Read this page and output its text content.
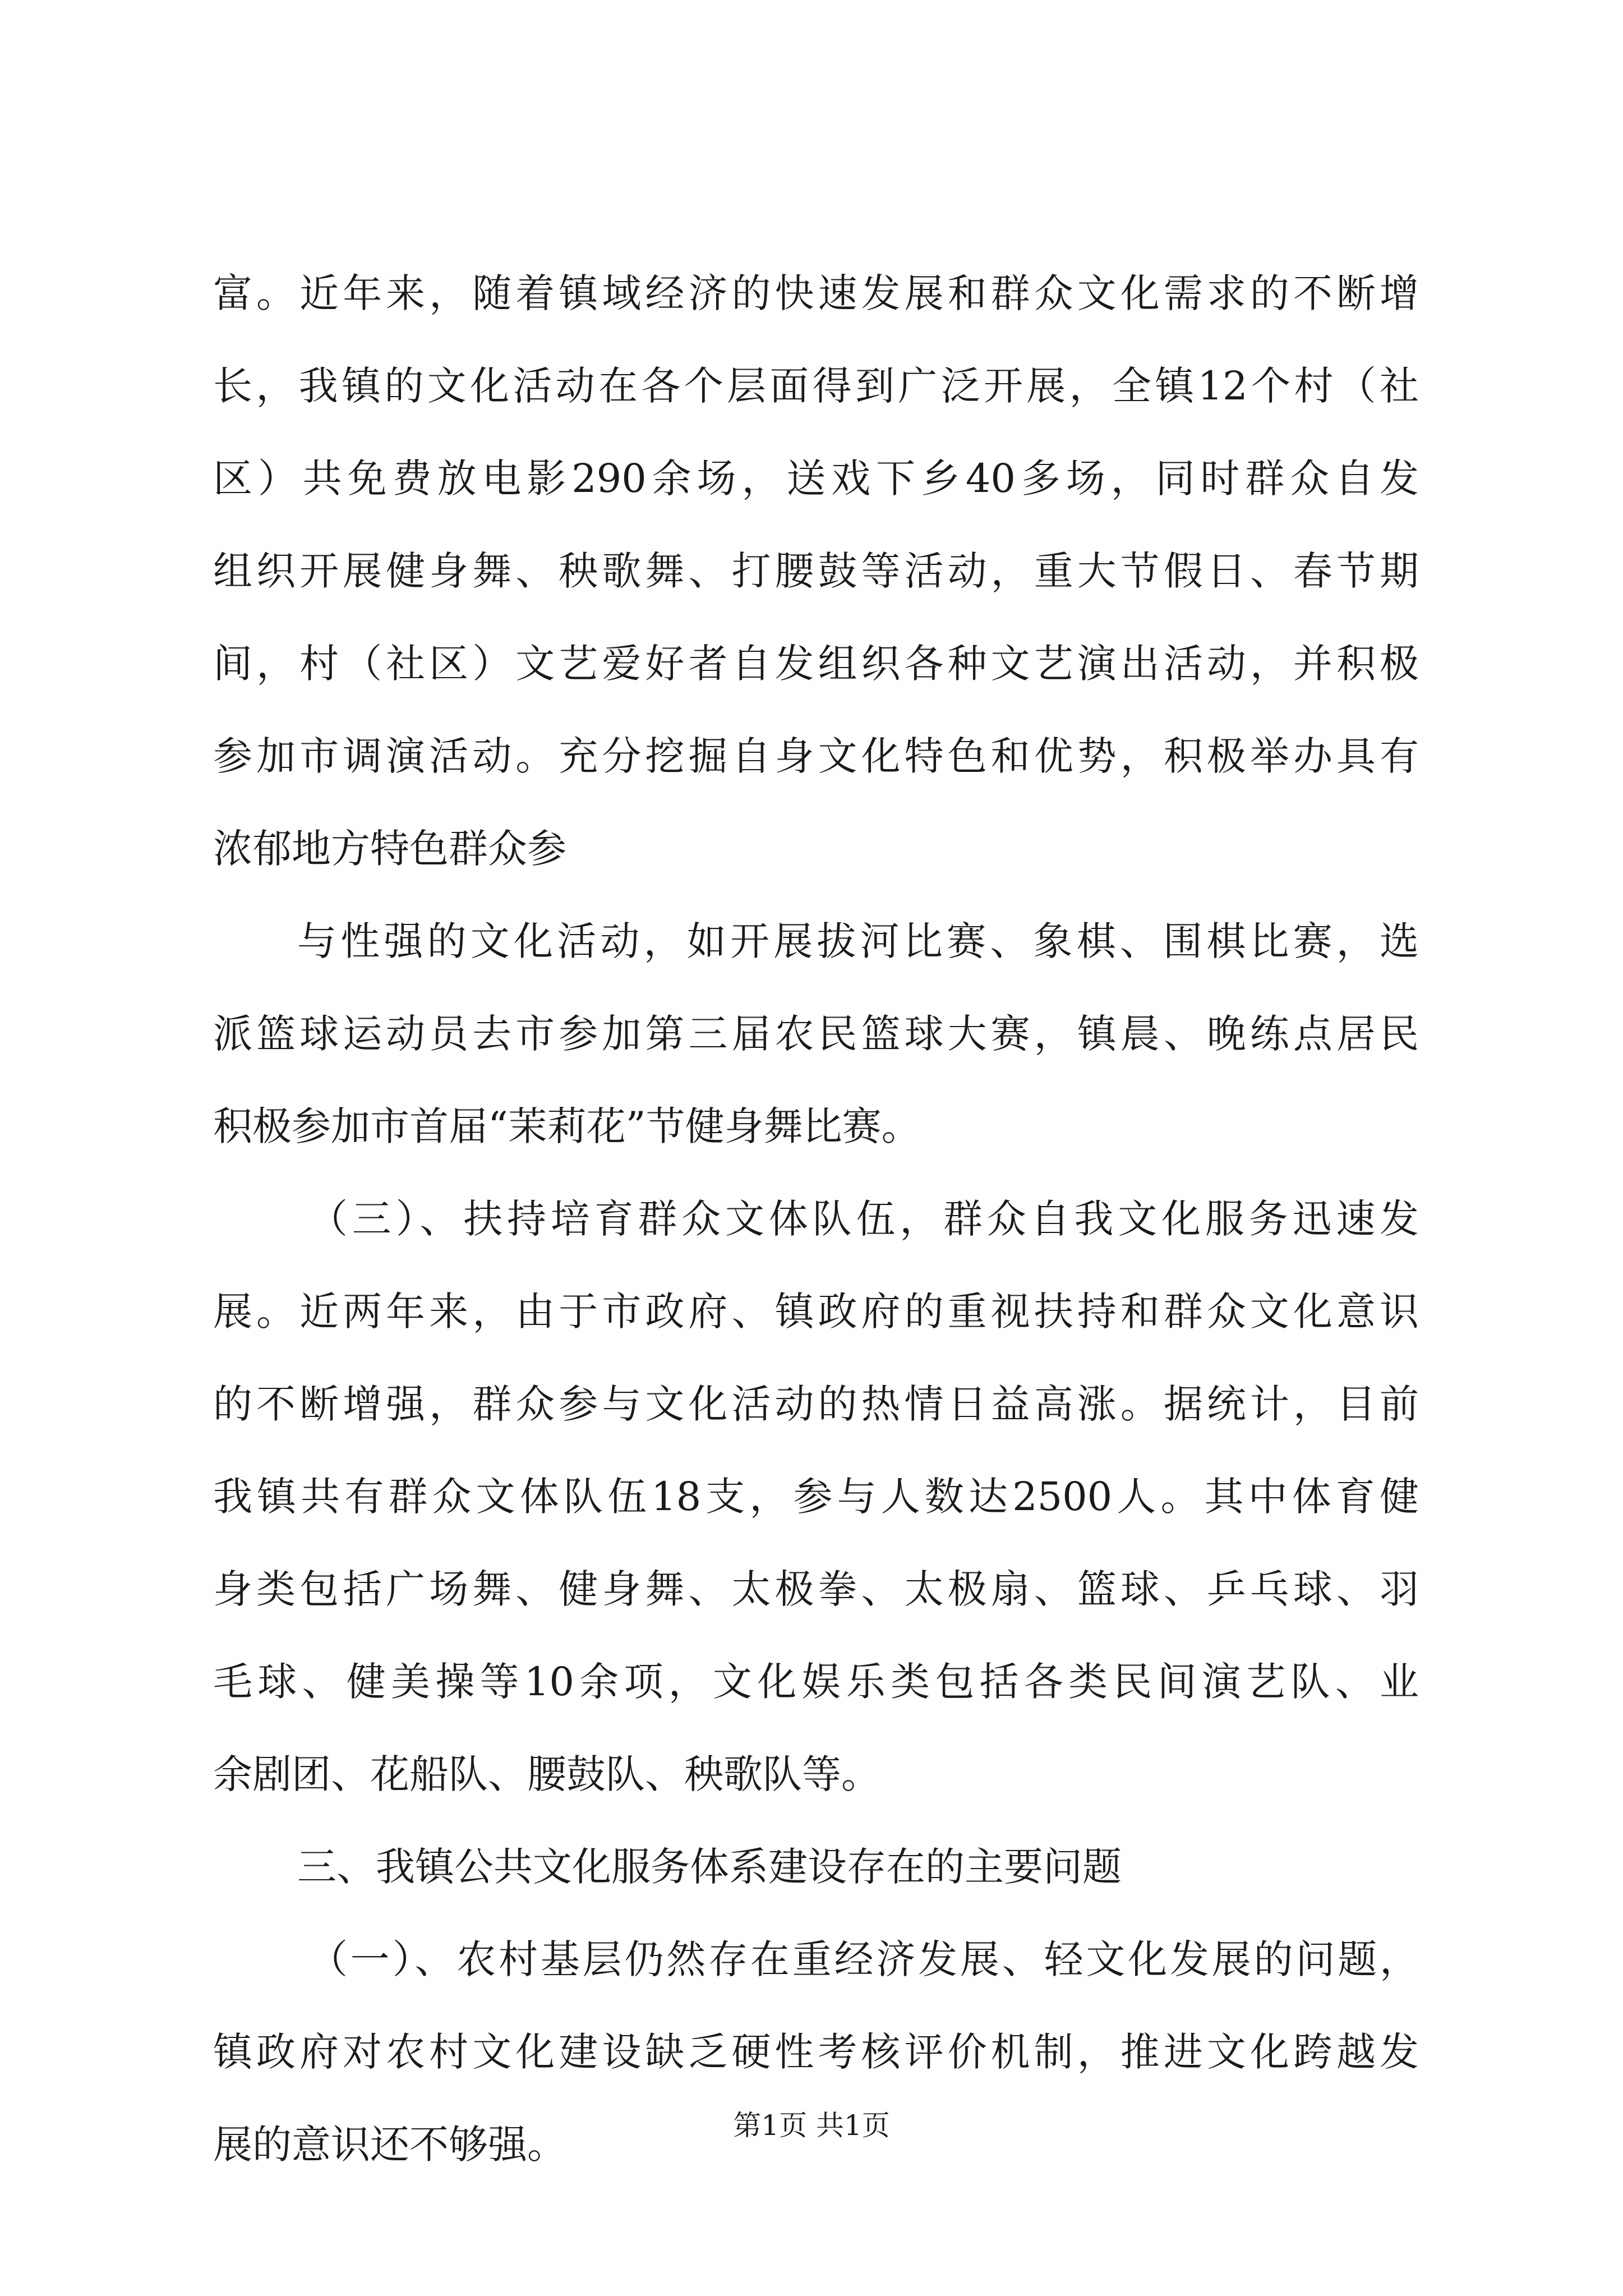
富。近年来，随着镇域经济的快速发展和群众文化需求的不断增
长，我镇的文化活动在各个层面得到广泛开展，全镇12个村（社
区）共免费放电影290余场，送戏下乡40多场，同时群众自发
组织开展健身舞、秧歌舞、打腰鼓等活动，重大节假日、春节期
间，村（社区）文艺爱好者自发组织各种文艺演出活动，并积极
参加市调演活动。充分挖掘自身文化特色和优势，积极举办具有
浓郁地方特色群众参
与性强的文化活动，如开展拔河比赛、象棋、围棋比赛，选
派篮球运动员去市参加第三届农民篮球大赛，镇晨、晚练点居民
积极参加市首届“茉莉花”节健身舞比赛。
（三）、扶持培育群众文体队伍，群众自我文化服务迅速发
展。近两年来，由于市政府、镇政府的重视扶持和群众文化意识
的不断增强，群众参与文化活动的热情日益高涨。据统计，目前
我镇共有群众文体队伍18支，参与人数达2500人。其中体育健
身类包括广场舞、健身舞、太极拳、太极扇、篮球、乒乓球、羽
毛球、健美操等10余项，文化娱乐类包括各类民间演艺队、业
余剧团、花船队、腰鼓队、秧歌队等。
三、我镇公共文化服务体系建设存在的主要问题
（一）、农村基层仍然存在重经济发展、轻文化发展的问题，
镇政府对农村文化建设缺乏硬性考核评价机制，推进文化跨越发
展的意识还不够强。	第1页 共1页
